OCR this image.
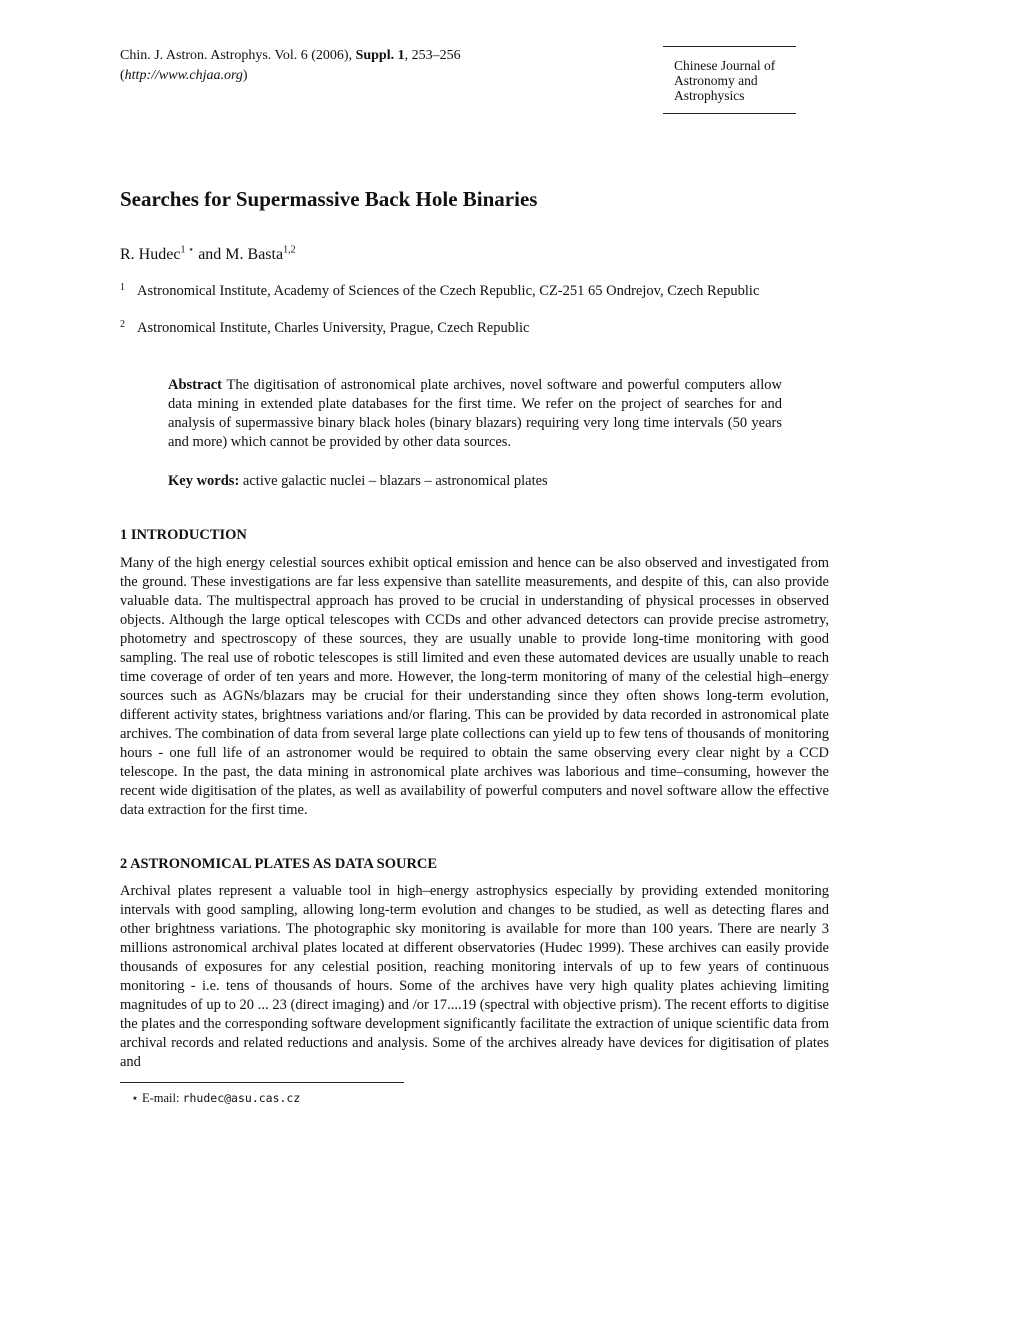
Chin. J. Astron. Astrophys. Vol. 6 (2006), Suppl. 1, 253–256
(http://www.chjaa.org)
Chinese Journal of
Astronomy and
Astrophysics
Searches for Supermassive Back Hole Binaries
R. Hudec$^{1 ⋆}$ and M. Basta$^{1,2}$
1 Astronomical Institute, Academy of Sciences of the Czech Republic, CZ-251 65 Ondrejov, Czech Republic
2 Astronomical Institute, Charles University, Prague, Czech Republic
Abstract The digitisation of astronomical plate archives, novel software and powerful computers allow data mining in extended plate databases for the first time. We refer on the project of searches for and analysis of supermassive binary black holes (binary blazars) requiring very long time intervals (50 years and more) which cannot be provided by other data sources.
Key words: active galactic nuclei – blazars – astronomical plates
1 INTRODUCTION
Many of the high energy celestial sources exhibit optical emission and hence can be also observed and investigated from the ground. These investigations are far less expensive than satellite measurements, and despite of this, can also provide valuable data. The multispectral approach has proved to be crucial in understanding of physical processes in observed objects. Although the large optical telescopes with CCDs and other advanced detectors can provide precise astrometry, photometry and spectroscopy of these sources, they are usually unable to provide long-time monitoring with good sampling. The real use of robotic telescopes is still limited and even these automated devices are usually unable to reach time coverage of order of ten years and more. However, the long-term monitoring of many of the celestial high–energy sources such as AGNs/blazars may be crucial for their understanding since they often shows long-term evolution, different activity states, brightness variations and/or flaring. This can be provided by data recorded in astronomical plate archives. The combination of data from several large plate collections can yield up to few tens of thousands of monitoring hours - one full life of an astronomer would be required to obtain the same observing every clear night by a CCD telescope. In the past, the data mining in astronomical plate archives was laborious and time–consuming, however the recent wide digitisation of the plates, as well as availability of powerful computers and novel software allow the effective data extraction for the first time.
2 ASTRONOMICAL PLATES AS DATA SOURCE
Archival plates represent a valuable tool in high–energy astrophysics especially by providing extended monitoring intervals with good sampling, allowing long-term evolution and changes to be studied, as well as detecting flares and other brightness variations. The photographic sky monitoring is available for more than 100 years. There are nearly 3 millions astronomical archival plates located at different observatories (Hudec 1999). These archives can easily provide thousands of exposures for any celestial position, reaching monitoring intervals of up to few years of continuous monitoring - i.e. tens of thousands of hours. Some of the archives have very high quality plates achieving limiting magnitudes of up to 20 ... 23 (direct imaging) and /or 17....19 (spectral with objective prism). The recent efforts to digitise the plates and the corresponding software development significantly facilitate the extraction of unique scientific data from archival records and related reductions and analysis. Some of the archives already have devices for digitisation of plates and
⋆ E-mail: rhudec@asu.cas.cz
